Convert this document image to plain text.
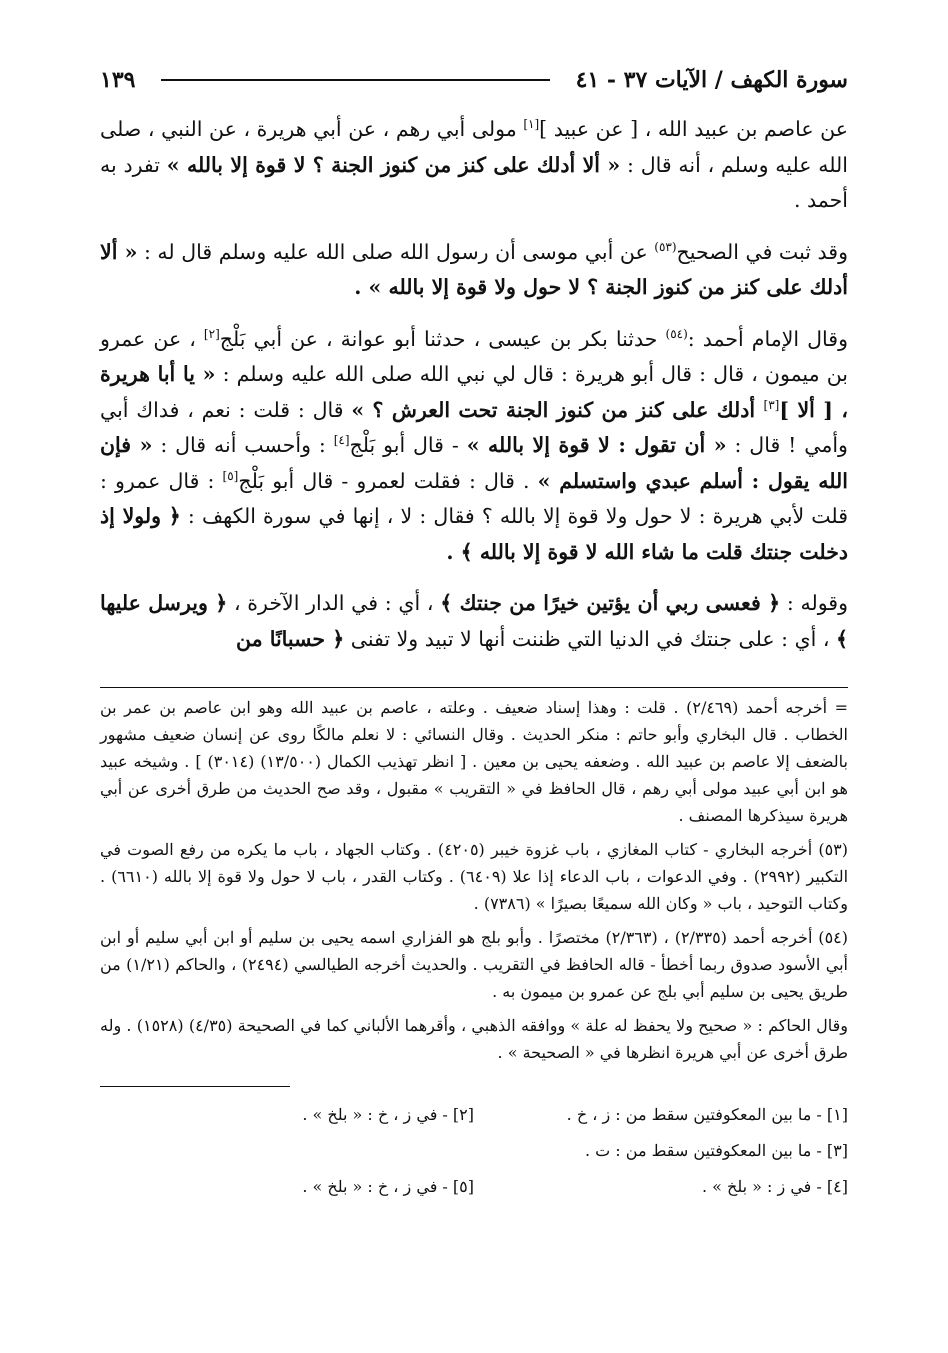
سورة الكهف / الآيات ٣٧ - ٤١
١٣٩

عن عاصم بن عبيد الله ، [ عن عبيد ][١] مولى أبي رهم ، عن أبي هريرة ، عن النبي ، صلى الله عليه وسلم ، أنه قال : « ألا أدلك على كنز من كنوز الجنة ؟ لا قوة إلا بالله » تفرد به أحمد .

وقد ثبت في الصحيح$^{(٥٣)}$ عن أبي موسى أن رسول الله صلى الله عليه وسلم قال له : « ألا أدلك على كنز من كنوز الجنة ؟ لا حول ولا قوة إلا بالله » .

وقال الإمام أحمد :$^{(٥٤)}$ حدثنا بكر بن عيسى ، حدثنا أبو عوانة ، عن أبي بَلْج[٢] ، عن عمرو بن ميمون ، قال : قال أبو هريرة : قال لي نبي الله صلى الله عليه وسلم : « يا أبا هريرة ، [ ألا ][٣] أدلك على كنز من كنوز الجنة تحت العرش ؟ » قال : قلت : نعم ، فداك أبي وأمي ! قال : « أن تقول : لا قوة إلا بالله » - قال أبو بَلْج[٤] : وأحسب أنه قال : « فإن الله يقول : أسلم عبدي واستسلم » . قال : فقلت لعمرو - قال أبو بَلْج[٥] : قال عمرو : قلت لأبي هريرة : لا حول ولا قوة إلا بالله ؟ فقال : لا ، إنها في سورة الكهف : ﴿ ولولا إذ دخلت جنتك قلت ما شاء الله لا قوة إلا بالله ﴾ .

وقوله : ﴿ فعسى ربي أن يؤتين خيرًا من جنتك ﴾ ، أي : في الدار الآخرة ، ﴿ ويرسل عليها ﴾ ، أي : على جنتك في الدنيا التي ظننت أنها لا تبيد ولا تفنى ﴿ حسبانًا من

= أخرجه أحمد (٢/٤٦٩) . قلت : وهذا إسناد ضعيف . وعلته ، عاصم بن عبيد الله وهو ابن عاصم بن عمر بن الخطاب . قال البخاري وأبو حاتم : منكر الحديث . وقال النسائي : لا نعلم مالكًا روى عن إنسان ضعيف مشهور بالضعف إلا عاصم بن عبيد الله . وضعفه يحيى بن معين . [ انظر تهذيب الكمال (١٣/٥٠٠) (٣٠١٤) ] . وشيخه عبيد هو ابن أبي عبيد مولى أبي رهم ، قال الحافظ في « التقريب » مقبول ، وقد صح الحديث من طرق أخرى عن أبي هريرة سيذكرها المصنف .

(٥٣) أخرجه البخاري - كتاب المغازي ، باب غزوة خيبر (٤٢٠٥) . وكتاب الجهاد ، باب ما يكره من رفع الصوت في التكبير (٢٩٩٢) . وفي الدعوات ، باب الدعاء إذا علا (٦٤٠٩) . وكتاب القدر ، باب لا حول ولا قوة إلا بالله (٦٦١٠) . وكتاب التوحيد ، باب « وكان الله سميعًا بصيرًا » (٧٣٨٦) .

(٥٤) أخرجه أحمد (٢/٣٣٥) ، (٢/٣٦٣) مختصرًا . وأبو بلج هو الفزاري اسمه يحيى بن سليم أو ابن أبي سليم أو ابن أبي الأسود صدوق ربما أخطأ - قاله الحافظ في التقريب . والحديث أخرجه الطيالسي (٢٤٩٤) ، والحاكم (١/٢١) من طريق يحيى بن سليم أبي بلج عن عمرو بن ميمون به .

وقال الحاكم : « صحيح ولا يحفظ له علة » ووافقه الذهبي ، وأقرهما الألباني كما في الصحيحة (٤/٣٥) (١٥٢٨) . وله طرق أخرى عن أبي هريرة انظرها في « الصحيحة » .

[١] - ما بين المعكوفتين سقط من : ز ، خ .
[٢] - في ز ، خ : « بلخ » .
[٣] - ما بين المعكوفتين سقط من : ت .
[٤] - في ز : « بلخ » .
[٥] - في ز ، خ : « بلخ » .
